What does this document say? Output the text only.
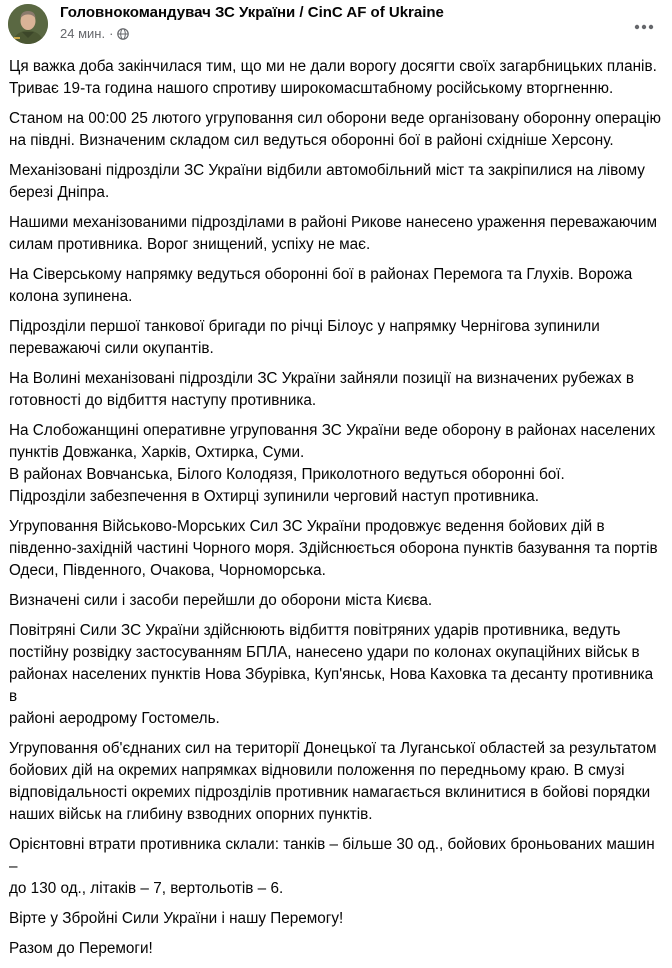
Головнокомандувач ЗС України / CinC AF of Ukraine
24 мин. ·

Ця важка доба закінчилася тим, що ми не дали ворогу досягти своїх загарбницьких планів.
Триває 19-та година нашого спротиву широкомасштабному російському вторгненню.

Станом на 00:00 25 лютого угруповання сил оборони веде організовану оборонну операцію
на півдні. Визначеним складом сил ведуться оборонні бої в районі східніше Херсону.

Механізовані підрозділи ЗС України відбили автомобільний міст та закріпилися на лівому
березі Дніпра.

Нашими механізованими підрозділами в районі Рикове нанесено ураження переважаючим
силам противника. Ворог знищений, успіху не має.

На Сіверському напрямку ведуться оборонні бої в районах Перемога та Глухів. Ворожа
колона зупинена.

Підрозділи першої танкової бригади по річці Білоус у напрямку Чернігова зупинили
переважаючі сили окупантів.

На Волині механізовані підрозділи ЗС України зайняли позиції на визначених рубежах в
готовності до відбиття наступу противника.

На Слобожанщині оперативне угруповання ЗС України веде оборону в районах населених
пунктів Довжанка, Харків, Охтирка, Суми.
В районах Вовчанська, Білого Колодязя, Приколотного ведуться оборонні бої.
Підрозділи забезпечення в Охтирці зупинили черговий наступ противника.

Угруповання Військово-Морських Сил ЗС України продовжує ведення бойових дій в
південно-західній частині Чорного моря. Здійснюється оборона пунктів базування та портів
Одеси, Південного, Очакова, Чорноморська.

Визначені сили і засоби перейшли до оборони міста Києва.

Повітряні Сили ЗС України здійснюють відбиття повітряних ударів противника, ведуть
постійну розвідку застосуванням БПЛА, нанесено удари по колонах окупаційних військ в
районах населених пунктів Нова Збурівка, Куп'янськ, Нова Каховка та десанту противника в
районі аеродрому Гостомель.

Угруповання об'єднаних сил на території Донецької та Луганської областей за результатом
бойових дій на окремих напрямках відновили положення по передньому краю. В смузі
відповідальності окремих підрозділів противник намагається вклинитися в бойові порядки
наших військ на глибину взводних опорних пунктів.

Орієнтовні втрати противника склали: танків – більше 30 од., бойових броньованих машин –
до 130 од., літаків – 7, вертольотів – 6.

Вірте у Збройні Сили України і нашу Перемогу!

Разом до Перемоги!
